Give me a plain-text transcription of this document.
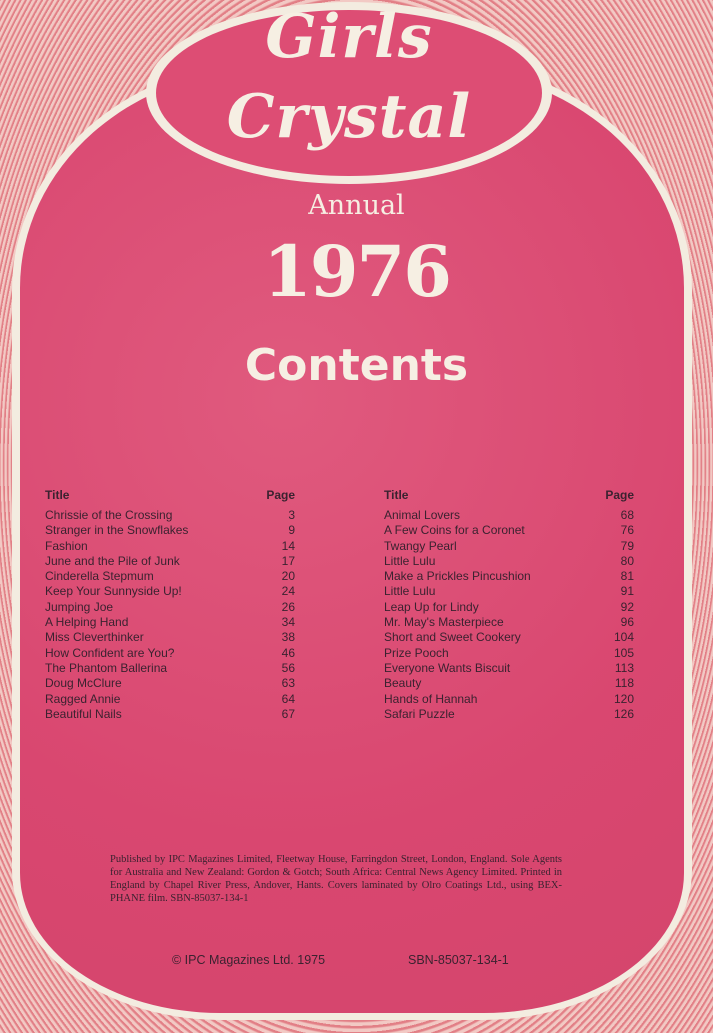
Girls
Crystal
Annual
1976
Contents
Title	Page
Chrissie of the Crossing	3
Stranger in the Snowflakes	9
Fashion	14
June and the Pile of Junk	17
Cinderella Stepmum	20
Keep Your Sunnyside Up!	24
Jumping Joe	26
A Helping Hand	34
Miss Cleverthinker	38
How Confident are You?	46
The Phantom Ballerina	56
Doug McClure	63
Ragged Annie	64
Beautiful Nails	67
Title	Page
Animal Lovers	68
A Few Coins for a Coronet	76
Twangy Pearl	79
Little Lulu	80
Make a Prickles Pincushion	81
Little Lulu	91
Leap Up for Lindy	92
Mr. May's Masterpiece	96
Short and Sweet Cookery	104
Prize Pooch	105
Everyone Wants Biscuit	113
Beauty	118
Hands of Hannah	120
Safari Puzzle	126
Published by IPC Magazines Limited, Fleetway House, Farringdon Street, London, England. Sole Agents for Australia and New Zealand: Gordon & Gotch; South Africa: Central News Agency Limited. Printed in England by Chapel River Press, Andover, Hants. Covers laminated by Olro Coatings Ltd., using BEX-PHANE film. SBN-85037-134-1
© IPC Magazines Ltd. 1975	SBN-85037-134-1
